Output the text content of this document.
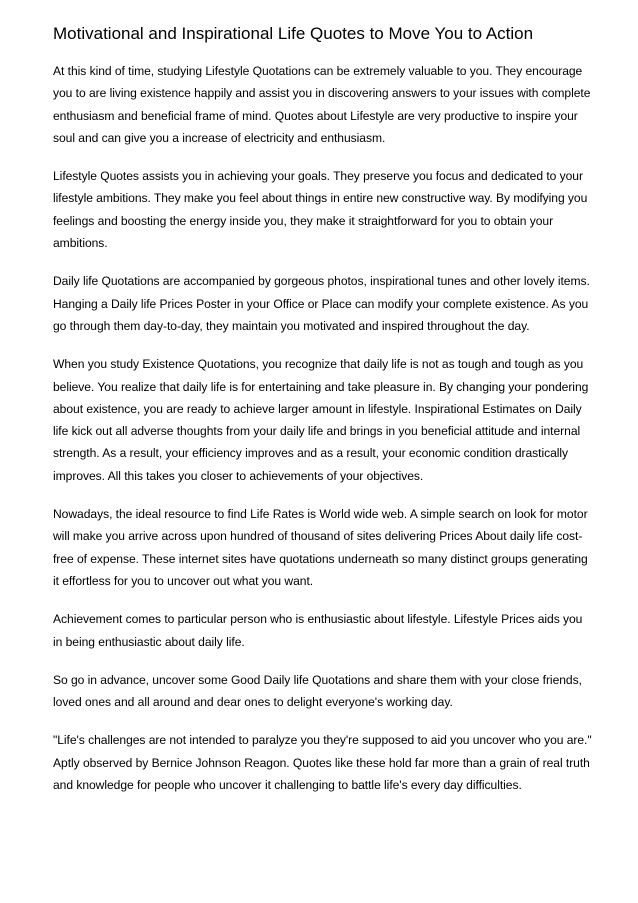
Motivational and Inspirational Life Quotes to Move You to Action

At this kind of time, studying Lifestyle Quotations can be extremely valuable to you. They encourage you to are living existence happily and assist you in discovering answers to your issues with complete enthusiasm and beneficial frame of mind. Quotes about Lifestyle are very productive to inspire your soul and can give you a increase of electricity and enthusiasm.

Lifestyle Quotes assists you in achieving your goals. They preserve you focus and dedicated to your lifestyle ambitions. They make you feel about things in entire new constructive way. By modifying you feelings and boosting the energy inside you, they make it straightforward for you to obtain your ambitions.

Daily life Quotations are accompanied by gorgeous photos, inspirational tunes and other lovely items. Hanging a Daily life Prices Poster in your Office or Place can modify your complete existence. As you go through them day-to-day, they maintain you motivated and inspired throughout the day.

When you study Existence Quotations, you recognize that daily life is not as tough and tough as you believe. You realize that daily life is for entertaining and take pleasure in. By changing your pondering about existence, you are ready to achieve larger amount in lifestyle. Inspirational Estimates on Daily life kick out all adverse thoughts from your daily life and brings in you beneficial attitude and internal strength. As a result, your efficiency improves and as a result, your economic condition drastically improves. All this takes you closer to achievements of your objectives.

Nowadays, the ideal resource to find Life Rates is World wide web. A simple search on look for motor will make you arrive across upon hundred of thousand of sites delivering Prices About daily life cost-free of expense. These internet sites have quotations underneath so many distinct groups generating it effortless for you to uncover out what you want.

Achievement comes to particular person who is enthusiastic about lifestyle. Lifestyle Prices aids you in being enthusiastic about daily life.

So go in advance, uncover some Good Daily life Quotations and share them with your close friends, loved ones and all around and dear ones to delight everyone's working day.

"Life's challenges are not intended to paralyze you they're supposed to aid you uncover who you are." Aptly observed by Bernice Johnson Reagon. Quotes like these hold far more than a grain of real truth and knowledge for people who uncover it challenging to battle life's every day difficulties.
